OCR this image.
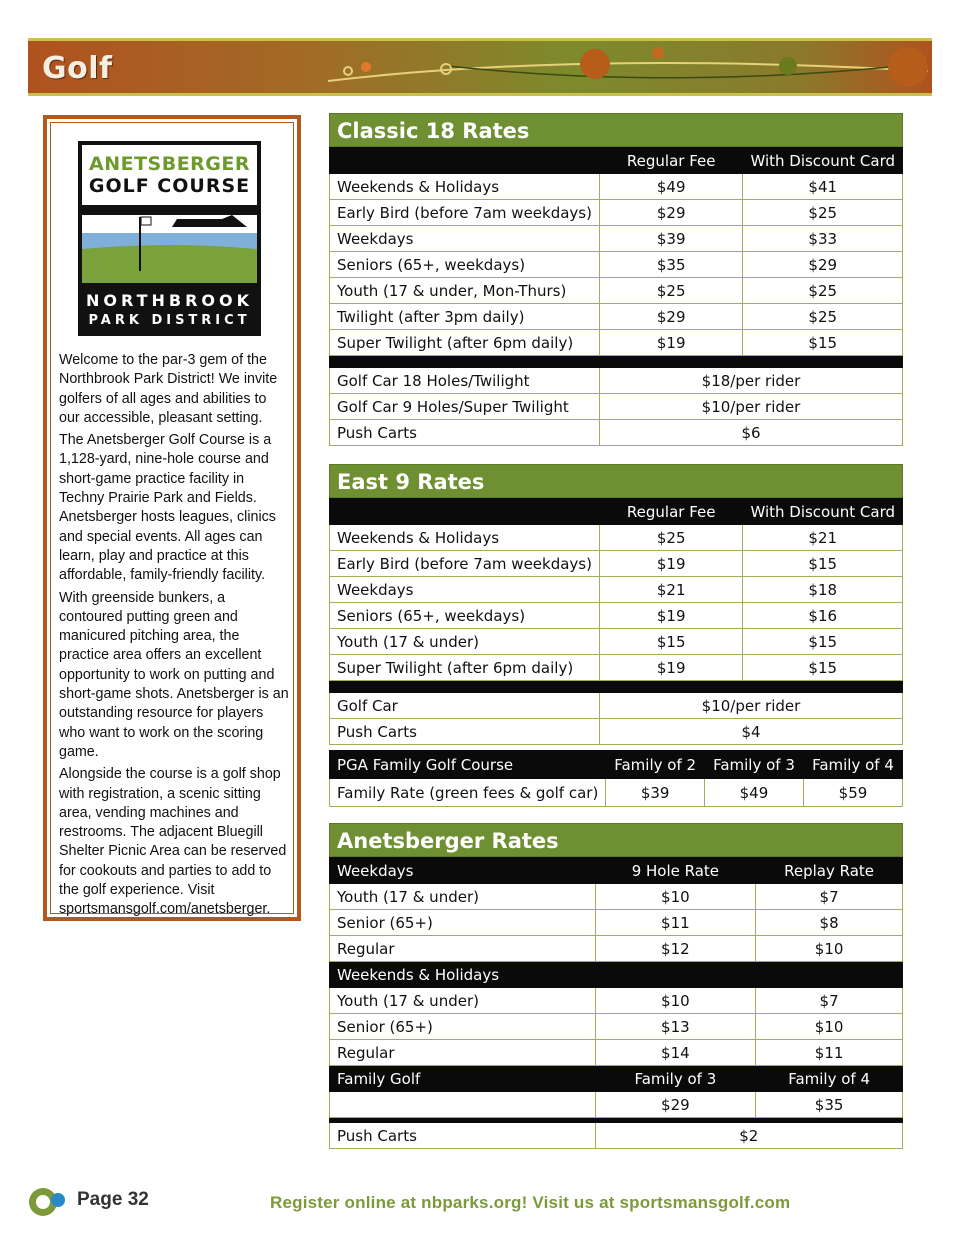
Golf
ANETSBERGER
GOLF COURSE
NORTHBROOK
PARK DISTRICT

Welcome to the par-3 gem of the Northbrook Park District! We invite golfers of all ages and abilities to our accessible, pleasant setting.

The Anetsberger Golf Course is a 1,128-yard, nine-hole course and short-game practice facility in Techny Prairie Park and Fields. Anetsberger hosts leagues, clinics and special events. All ages can learn, play and practice at this affordable, family-friendly facility.

With greenside bunkers, a contoured putting green and manicured pitching area, the practice area offers an excellent opportunity to work on putting and short-game shots. Anetsberger is an outstanding resource for players who want to work on the scoring game.

Alongside the course is a golf shop with registration, a scenic sitting area, vending machines and restrooms. The adjacent Bluegill Shelter Picnic Area can be reserved for cookouts and parties to add to the golf experience. Visit sportsmansgolf.com/anetsberger.

Classic 18 Rates
	Regular Fee	With Discount Card
Weekends & Holidays	$49	$41
Early Bird (before 7am weekdays)	$29	$25
Weekdays	$39	$33
Seniors (65+, weekdays)	$35	$29
Youth (17 & under, Mon-Thurs)	$25	$25
Twilight (after 3pm daily)	$29	$25
Super Twilight (after 6pm daily)	$19	$15

Golf Car 18 Holes/Twilight	$18/per rider	
Golf Car 9 Holes/Super Twilight	$10/per rider	
Push Carts	$6	
East 9 Rates
	Regular Fee	With Discount Card
Weekends & Holidays	$25	$21
Early Bird (before 7am weekdays)	$19	$15
Weekdays	$21	$18
Seniors (65+, weekdays)	$19	$16
Youth (17 & under)	$15	$15
Super Twilight (after 6pm daily)	$19	$15

Golf Car	$10/per rider	
Push Carts	$4	
PGA Family Golf Course	Family of 2	Family of 3	Family of 4
Family Rate (green fees & golf car)	$39	$49	$59
Anetsberger Rates
Weekdays	9 Hole Rate	Replay Rate
Youth (17 & under)	$10	$7
Senior (65+)	$11	$8
Regular	$12	$10
Weekends & Holidays		
Youth (17 & under)	$10	$7
Senior (65+)	$13	$10
Regular	$14	$11
Family Golf	Family of 3	Family of 4
	$29	$35

Push Carts	$2	
Page 32	Register online at nbparks.org! Visit us at sportsmansgolf.com
